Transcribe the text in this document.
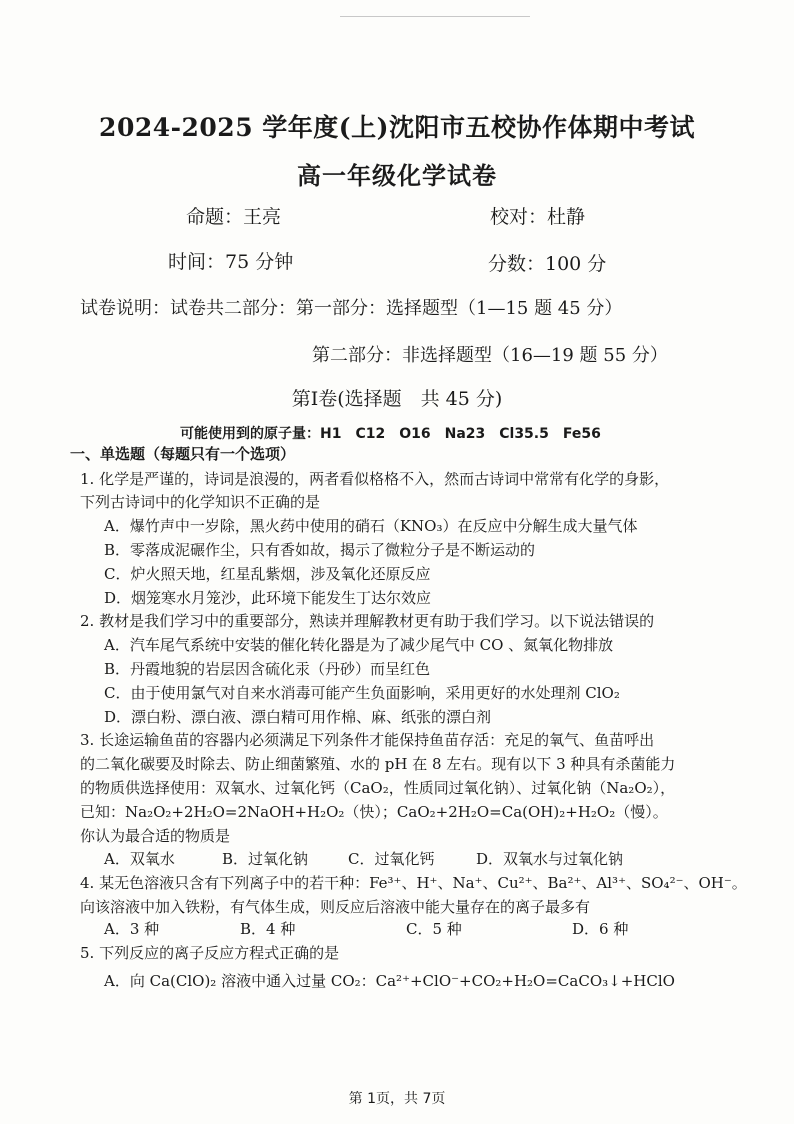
2024-2025 学年度(上)沈阳市五校协作体期中考试
高一年级化学试卷
命题：王亮	校对：杜静
时间：75 分钟	分数：100 分
试卷说明：试卷共二部分：第一部分：选择题型（1—15 题 45 分）
第二部分：非选择题型（16—19 题 55 分）
第Ⅰ卷(选择题　共 45 分)
可能使用到的原子量：H1　C12　O16　Na23　Cl35.5　Fe56
一、单选题（每题只有一个选项）
1. 化学是严谨的，诗词是浪漫的，两者看似格格不入，然而古诗词中常常有化学的身影，
下列古诗词中的化学知识不正确的是
A．爆竹声中一岁除，黑火药中使用的硝石（KNO₃）在反应中分解生成大量气体
B．零落成泥碾作尘，只有香如故，揭示了微粒分子是不断运动的
C．炉火照天地，红星乱紫烟，涉及氧化还原反应
D．烟笼寒水月笼沙，此环境下能发生丁达尔效应
2. 教材是我们学习中的重要部分，熟读并理解教材更有助于我们学习。以下说法错误的
A．汽车尾气系统中安装的催化转化器是为了减少尾气中 CO 、氮氧化物排放
B．丹霞地貌的岩层因含硫化汞（丹砂）而呈红色
C．由于使用氯气对自来水消毒可能产生负面影响，采用更好的水处理剂 ClO₂
D．漂白粉、漂白液、漂白精可用作棉、麻、纸张的漂白剂
3. 长途运输鱼苗的容器内必须满足下列条件才能保持鱼苗存活：充足的氧气、鱼苗呼出
的二氧化碳要及时除去、防止细菌繁殖、水的 pH 在 8 左右。现有以下 3 种具有杀菌能力
的物质供选择使用：双氧水、过氧化钙（CaO₂，性质同过氧化钠）、过氧化钠（Na₂O₂），
已知：Na₂O₂+2H₂O=2NaOH+H₂O₂（快）；CaO₂+2H₂O=Ca(OH)₂+H₂O₂（慢）。
你认为最合适的物质是
A．双氧水	B．过氧化钠	C．过氧化钙	D．双氧水与过氧化钠
4. 某无色溶液只含有下列离子中的若干种：Fe³⁺、H⁺、Na⁺、Cu²⁺、Ba²⁺、Al³⁺、SO₄²⁻、OH⁻。
向该溶液中加入铁粉，有气体生成，则反应后溶液中能大量存在的离子最多有
A．3 种	B．4 种	C．5 种	D．6 种
5. 下列反应的离子反应方程式正确的是
A．向 Ca(ClO)₂ 溶液中通入过量 CO₂：Ca²⁺+ClO⁻+CO₂+H₂O=CaCO₃↓+HClO
第 1页，共 7页
